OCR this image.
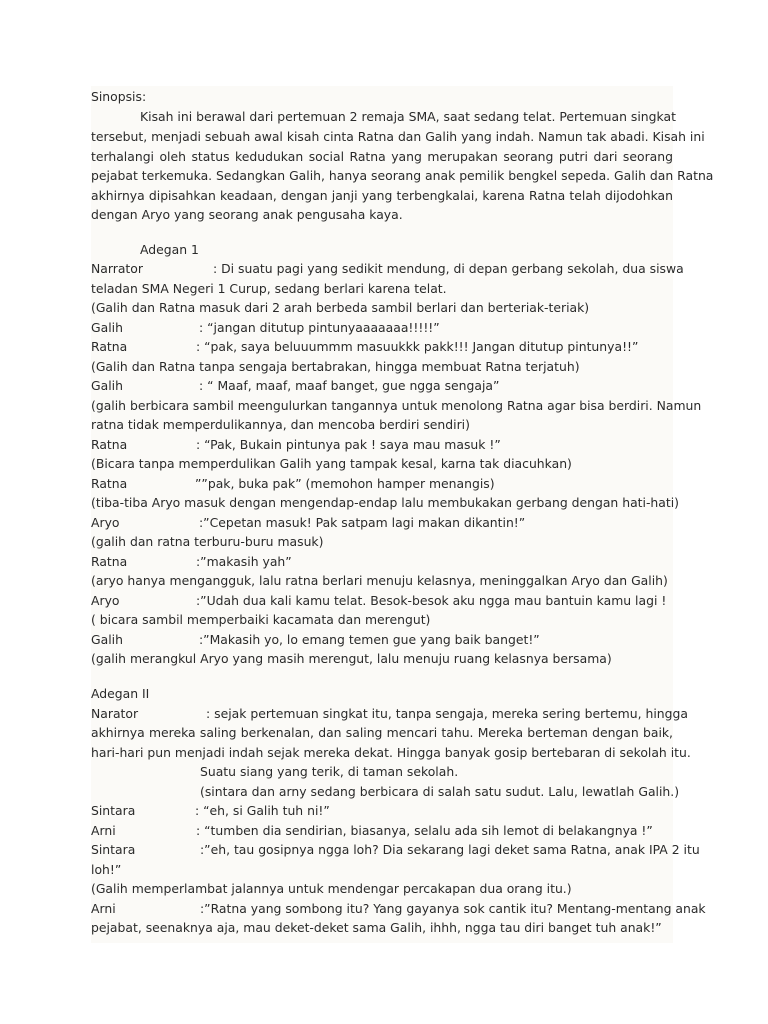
Sinopsis:
Kisah ini berawal dari pertemuan 2 remaja SMA, saat sedang telat. Pertemuan singkat
tersebut, menjadi sebuah awal kisah cinta Ratna dan Galih yang indah. Namun tak abadi. Kisah ini
terhalangi oleh status kedudukan social Ratna yang merupakan seorang putri dari seorang
pejabat terkemuka. Sedangkan Galih, hanya seorang anak pemilik bengkel sepeda. Galih dan Ratna
akhirnya dipisahkan keadaan, dengan janji yang terbengkalai, karena Ratna telah dijodohkan
dengan Aryo yang seorang anak pengusaha kaya.
Adegan 1
Narrator	: Di suatu pagi yang sedikit mendung, di depan gerbang sekolah, dua siswa
teladan SMA Negeri 1 Curup, sedang berlari karena telat.
(Galih dan Ratna masuk dari 2 arah berbeda sambil berlari dan berteriak-teriak)
Galih	: “jangan ditutup pintunyaaaaaaa!!!!!”
Ratna	: “pak, saya beluuummm masuukkk pakk!!! Jangan ditutup pintunya!!”
(Galih dan Ratna tanpa sengaja bertabrakan, hingga membuat Ratna terjatuh)
Galih	: “ Maaf, maaf, maaf banget, gue ngga sengaja”
(galih berbicara sambil meengulurkan tangannya untuk menolong Ratna agar bisa berdiri. Namun
ratna tidak memperdulikannya, dan mencoba berdiri sendiri)
Ratna	: “Pak, Bukain pintunya pak ! saya mau masuk !”
(Bicara tanpa memperdulikan Galih yang tampak kesal, karna tak diacuhkan)
Ratna	””pak, buka pak” (memohon hamper menangis)
(tiba-tiba Aryo masuk dengan mengendap-endap lalu membukakan gerbang dengan hati-hati)
Aryo	:”Cepetan masuk! Pak satpam lagi makan dikantin!”
(galih dan ratna terburu-buru masuk)
Ratna	:”makasih yah”
(aryo hanya mengangguk, lalu ratna berlari menuju kelasnya, meninggalkan Aryo dan Galih)
Aryo	:”Udah dua kali kamu telat. Besok-besok aku ngga mau bantuin kamu lagi !
( bicara sambil memperbaiki kacamata dan merengut)
Galih	:”Makasih yo, lo emang temen gue yang baik banget!”
(galih merangkul Aryo yang masih merengut, lalu menuju ruang kelasnya bersama)
Adegan II
Narator	: sejak pertemuan singkat itu, tanpa sengaja, mereka sering bertemu, hingga
akhirnya mereka saling berkenalan, dan saling mencari tahu. Mereka berteman dengan baik,
hari-hari pun menjadi indah sejak mereka dekat. Hingga banyak gosip bertebaran di sekolah itu.
Suatu siang yang terik, di taman sekolah.
(sintara dan arny sedang berbicara di salah satu sudut. Lalu, lewatlah Galih.)
Sintara	: “eh, si Galih tuh ni!”
Arni	: “tumben dia sendirian, biasanya, selalu ada sih lemot di belakangnya !”
Sintara	:”eh, tau gosipnya ngga loh? Dia sekarang lagi deket sama Ratna, anak IPA 2 itu
loh!”
(Galih memperlambat jalannya untuk mendengar percakapan dua orang itu.)
Arni	:”Ratna yang sombong itu? Yang gayanya sok cantik itu? Mentang-mentang anak
pejabat, seenaknya aja, mau deket-deket sama Galih, ihhh, ngga tau diri banget tuh anak!”
